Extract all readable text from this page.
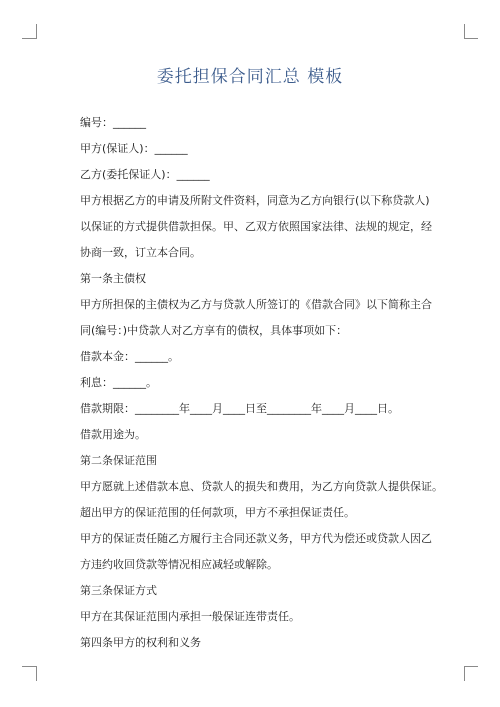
委托担保合同汇总 模板
编号：______
甲方(保证人)：______
乙方(委托保证人)：______
甲方根据乙方的申请及所附文件资料，同意为乙方向银行(以下称贷款人)以保证的方式提供借款担保。甲、乙双方依照国家法律、法规的规定，经协商一致，订立本合同。
第一条主债权
甲方所担保的主债权为乙方与贷款人所签订的《借款合同》以下简称主合同(编号：)中贷款人对乙方享有的债权，具体事项如下：
借款本金：______。
利息：______。
借款期限：________年____月____日至________年____月____日。
借款用途为。
第二条保证范围
甲方愿就上述借款本息、贷款人的损失和费用，为乙方向贷款人提供保证。
超出甲方的保证范围的任何款项，甲方不承担保证责任。
甲方的保证责任随乙方履行主合同还款义务，甲方代为偿还或贷款人因乙方违约收回贷款等情况相应减轻或解除。
第三条保证方式
甲方在其保证范围内承担一般保证连带责任。
第四条甲方的权利和义务
